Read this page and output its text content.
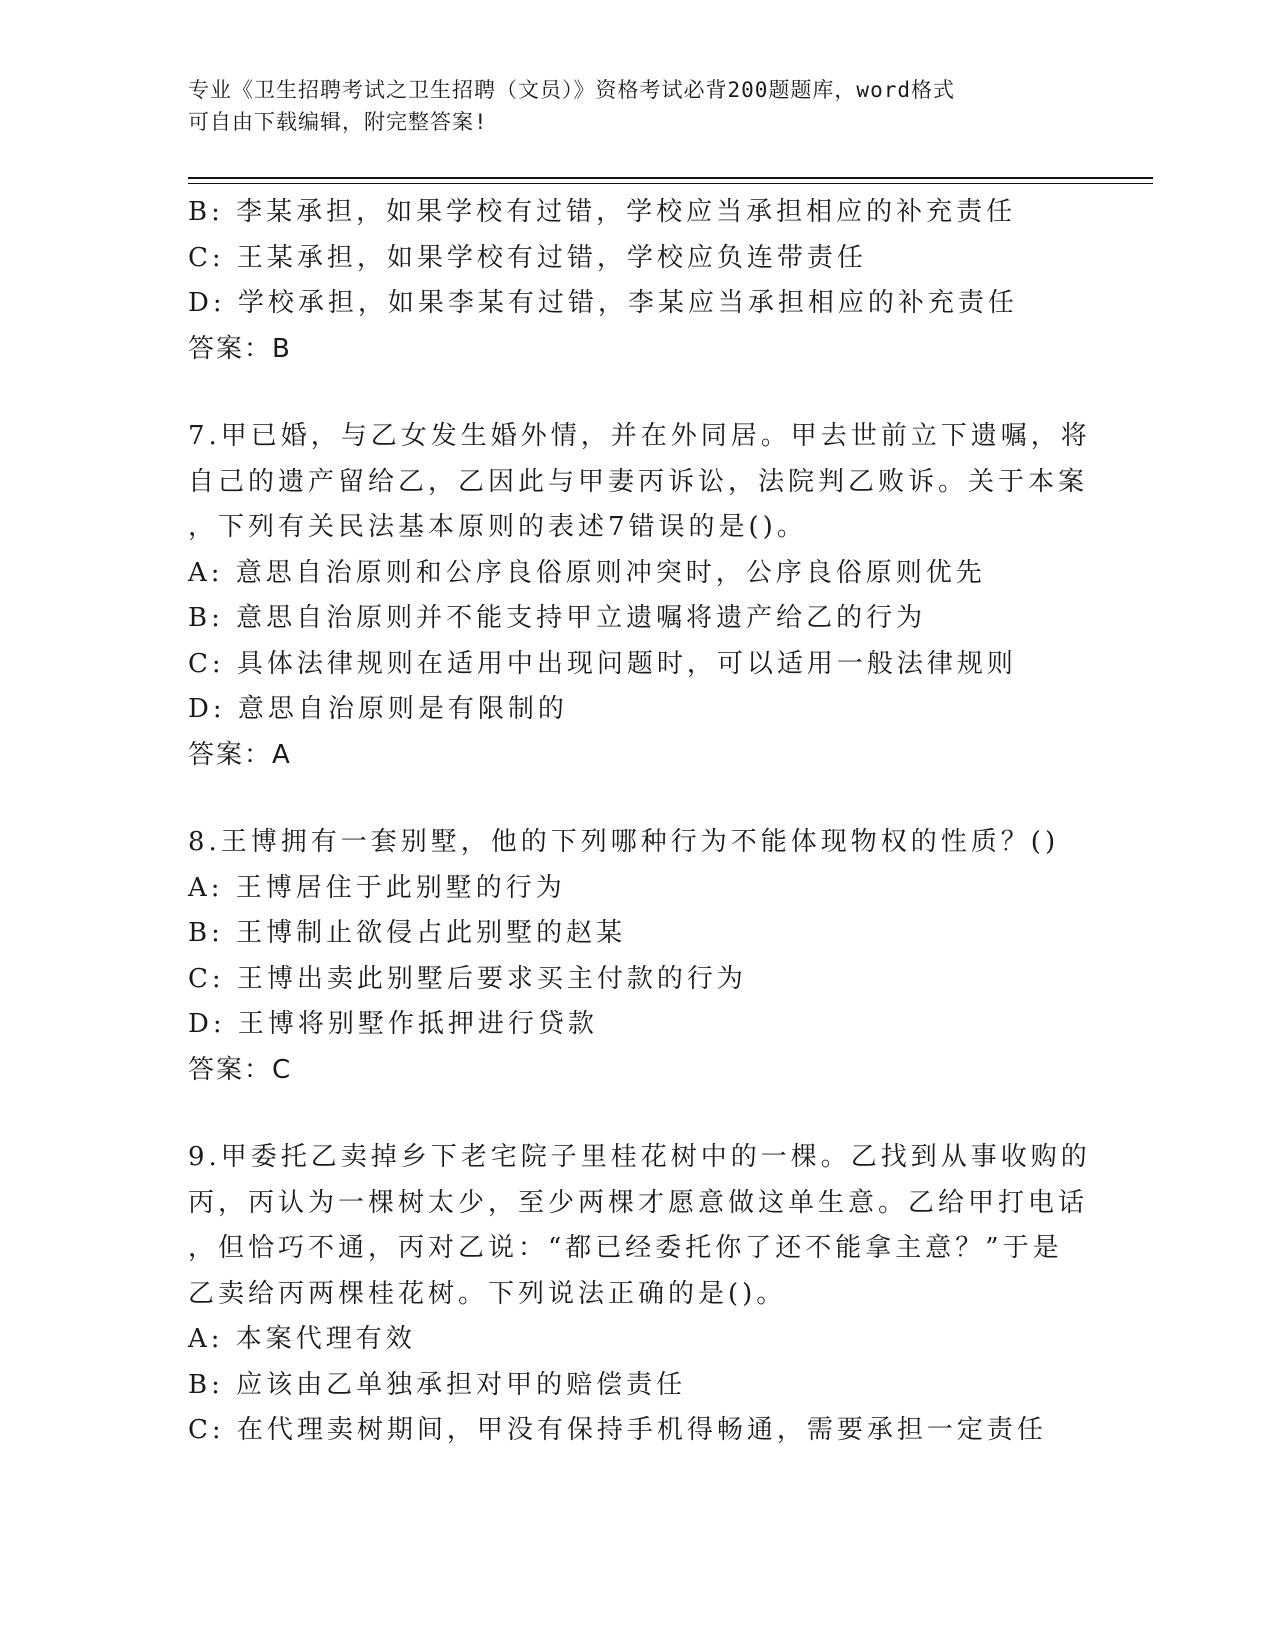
专业《卫生招聘考试之卫生招聘（文员）》资格考试必背200题题库，word格式
可自由下载编辑，附完整答案!
B: 李某承担，如果学校有过错，学校应当承担相应的补充责任
C: 王某承担，如果学校有过错，学校应负连带责任
D: 学校承担，如果李某有过错，李某应当承担相应的补充责任
答案：B
7.甲已婚，与乙女发生婚外情，并在外同居。甲去世前立下遗嘱，将
自己的遗产留给乙，乙因此与甲妻丙诉讼，法院判乙败诉。关于本案
，下列有关民法基本原则的表述7错误的是()。
A: 意思自治原则和公序良俗原则冲突时，公序良俗原则优先
B: 意思自治原则并不能支持甲立遗嘱将遗产给乙的行为
C: 具体法律规则在适用中出现问题时，可以适用一般法律规则
D: 意思自治原则是有限制的
答案：A
8.王博拥有一套别墅，他的下列哪种行为不能体现物权的性质？()
A: 王博居住于此别墅的行为
B: 王博制止欲侵占此别墅的赵某
C: 王博出卖此别墅后要求买主付款的行为
D: 王博将别墅作抵押进行贷款
答案：C
9.甲委托乙卖掉乡下老宅院子里桂花树中的一棵。乙找到从事收购的
丙，丙认为一棵树太少，至少两棵才愿意做这单生意。乙给甲打电话
，但恰巧不通，丙对乙说：“都已经委托你了还不能拿主意？”于是
乙卖给丙两棵桂花树。下列说法正确的是()。
A: 本案代理有效
B: 应该由乙单独承担对甲的赔偿责任
C: 在代理卖树期间，甲没有保持手机得畅通，需要承担一定责任
